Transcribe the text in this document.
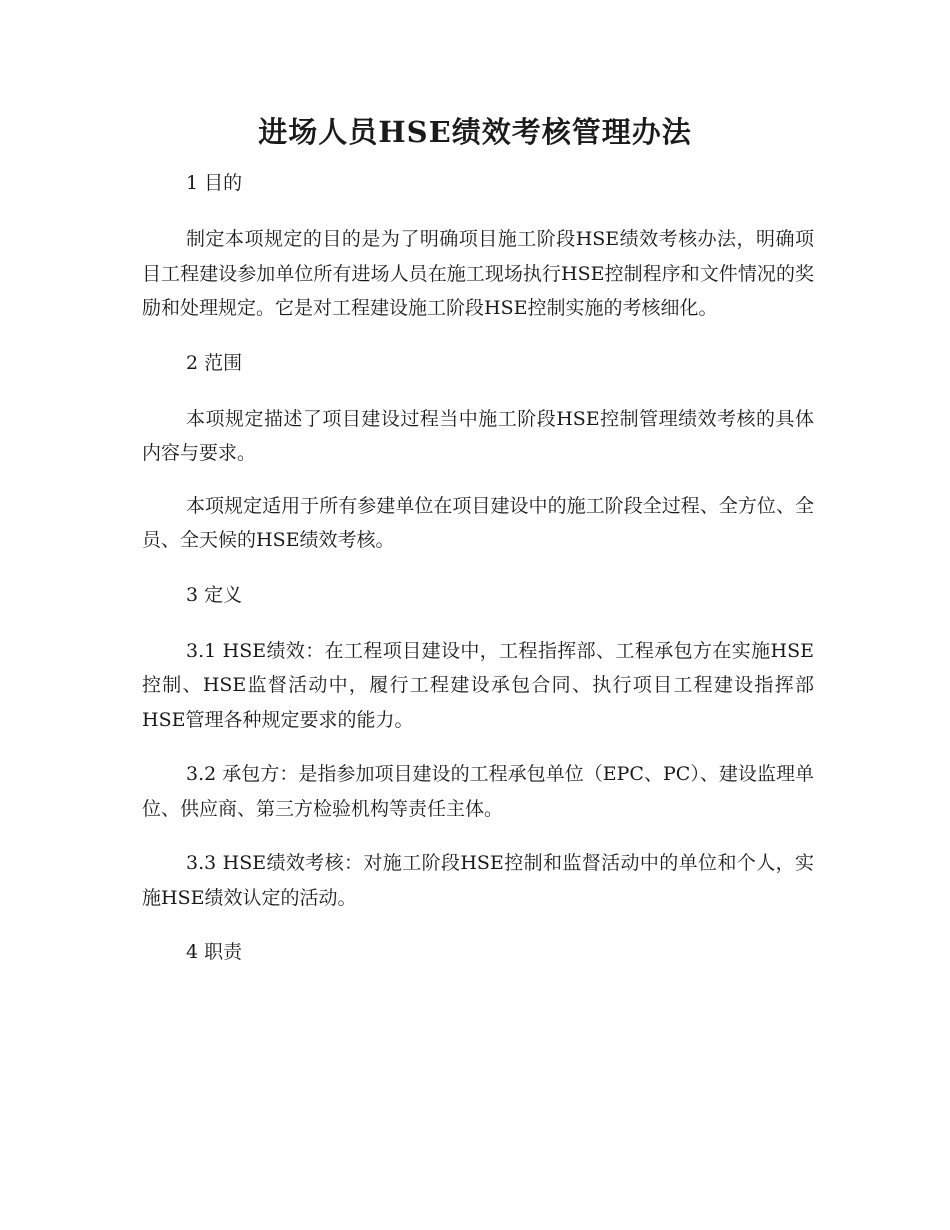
进场人员HSE绩效考核管理办法

1 目的

制定本项规定的目的是为了明确项目施工阶段HSE绩效考核办法，明确项目工程建设参加单位所有进场人员在施工现场执行HSE控制程序和文件情况的奖励和处理规定。它是对工程建设施工阶段HSE控制实施的考核细化。

2 范围

本项规定描述了项目建设过程当中施工阶段HSE控制管理绩效考核的具体内容与要求。

本项规定适用于所有参建单位在项目建设中的施工阶段全过程、全方位、全员、全天候的HSE绩效考核。

3 定义

3.1 HSE绩效：在工程项目建设中，工程指挥部、工程承包方在实施HSE控制、HSE监督活动中，履行工程建设承包合同、执行项目工程建设指挥部HSE管理各种规定要求的能力。

3.2 承包方：是指参加项目建设的工程承包单位（EPC、PC）、建设监理单位、供应商、第三方检验机构等责任主体。

3.3 HSE绩效考核：对施工阶段HSE控制和监督活动中的单位和个人，实施HSE绩效认定的活动。

4 职责
